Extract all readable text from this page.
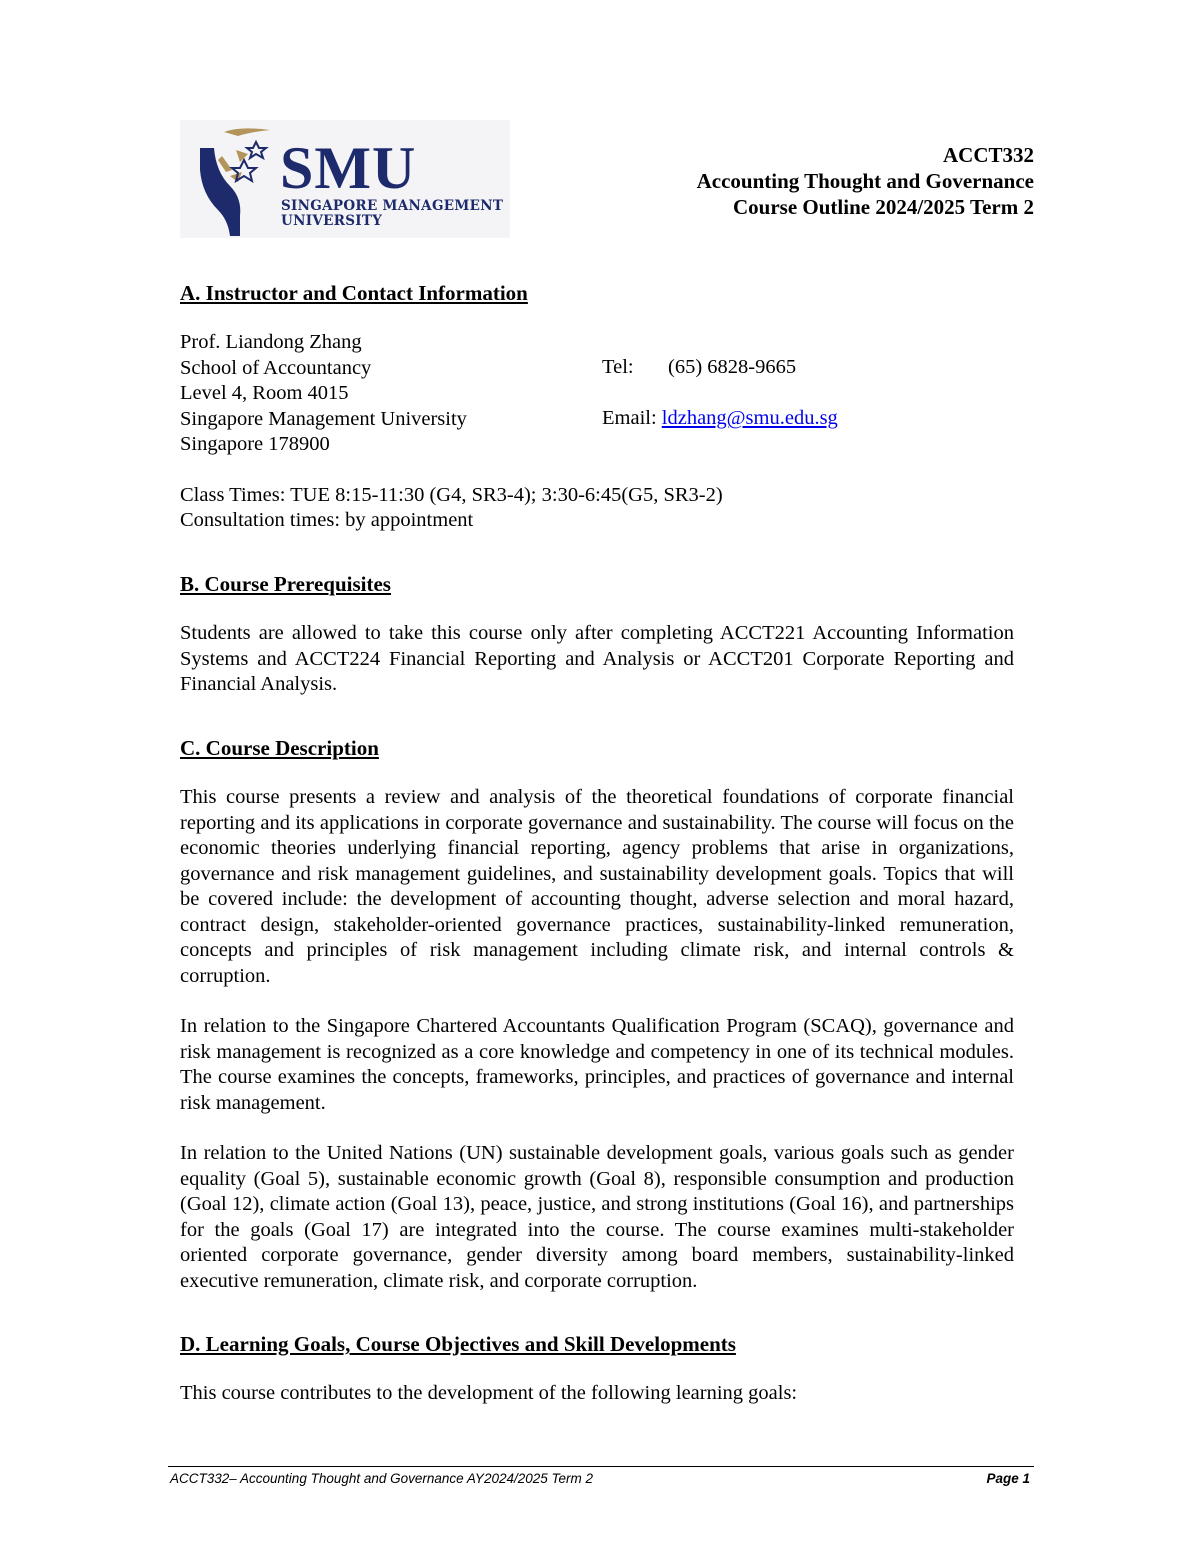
SMU
SINGAPORE MANAGEMENT
UNIVERSITY
ACCT332
Accounting Thought and Governance
Course Outline 2024/2025 Term 2
A. Instructor and Contact Information
Prof. Liandong Zhang
School of Accountancy
Level 4, Room 4015
Singapore Management University
Singapore 178900
Tel: (65) 6828-9665
Email: ldzhang@smu.edu.sg
Class Times: TUE 8:15-11:30 (G4, SR3-4); 3:30-6:45(G5, SR3-2)
Consultation times: by appointment
B. Course Prerequisites
Students are allowed to take this course only after completing ACCT221 Accounting Information Systems and ACCT224 Financial Reporting and Analysis or ACCT201 Corporate Reporting and Financial Analysis.
C. Course Description
This course presents a review and analysis of the theoretical foundations of corporate financial reporting and its applications in corporate governance and sustainability. The course will focus on the economic theories underlying financial reporting, agency problems that arise in organizations, governance and risk management guidelines, and sustainability development goals. Topics that will be covered include: the development of accounting thought, adverse selection and moral hazard, contract design, stakeholder-oriented governance practices, sustainability-linked remuneration, concepts and principles of risk management including climate risk, and internal controls & corruption.
In relation to the Singapore Chartered Accountants Qualification Program (SCAQ), governance and risk management is recognized as a core knowledge and competency in one of its technical modules. The course examines the concepts, frameworks, principles, and practices of governance and internal risk management.
In relation to the United Nations (UN) sustainable development goals, various goals such as gender equality (Goal 5), sustainable economic growth (Goal 8), responsible consumption and production (Goal 12), climate action (Goal 13), peace, justice, and strong institutions (Goal 16), and partnerships for the goals (Goal 17) are integrated into the course. The course examines multi-stakeholder oriented corporate governance, gender diversity among board members, sustainability-linked executive remuneration, climate risk, and corporate corruption.
D. Learning Goals, Course Objectives and Skill Developments
This course contributes to the development of the following learning goals:
ACCT332– Accounting Thought and Governance AY2024/2025 Term 2	Page 1
